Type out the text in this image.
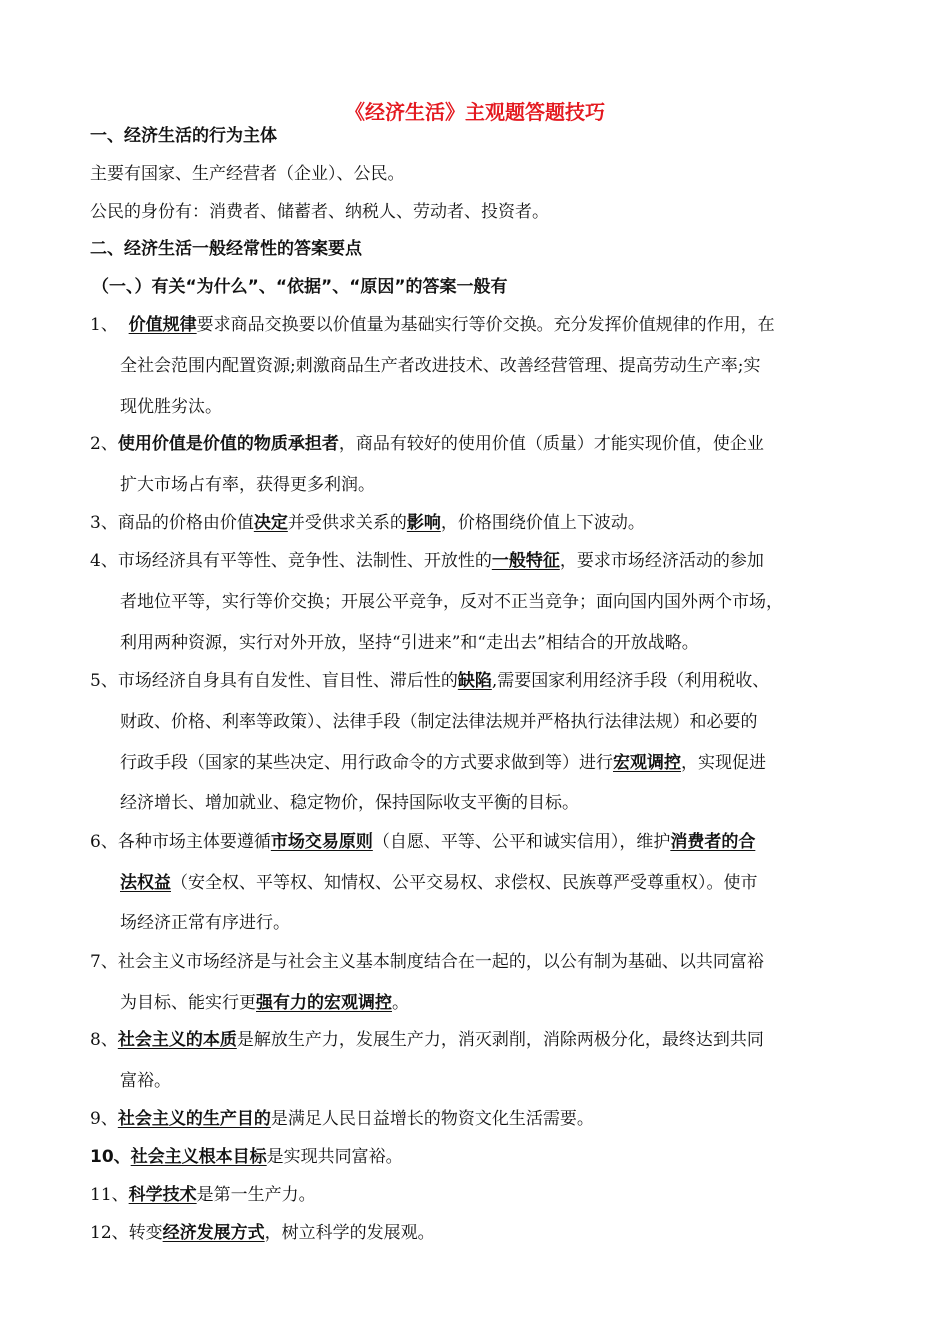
《经济生活》主观题答题技巧
一、经济生活的行为主体
主要有国家、生产经营者（企业）、公民。
公民的身份有：消费者、储蓄者、纳税人、劳动者、投资者。
二、经济生活一般经常性的答案要点
（一、）有关“为什么”、“依据”、“原因”的答案一般有
1、 价值规律要求商品交换要以价值量为基础实行等价交换。充分发挥价值规律的作用，在
全社会范围内配置资源;刺激商品生产者改进技术、改善经营管理、提高劳动生产率;实
现优胜劣汰。
2、使用价值是价值的物质承担者，商品有较好的使用价值（质量）才能实现价值，使企业
扩大市场占有率，获得更多利润。
3、商品的价格由价值决定并受供求关系的影响，价格围绕价值上下波动。
4、市场经济具有平等性、竞争性、法制性、开放性的一般特征，要求市场经济活动的参加
者地位平等，实行等价交换；开展公平竞争，反对不正当竞争；面向国内国外两个市场，
利用两种资源，实行对外开放，坚持“引进来”和“走出去”相结合的开放战略。
5、市场经济自身具有自发性、盲目性、滞后性的缺陷,需要国家利用经济手段（利用税收、
财政、价格、利率等政策）、法律手段（制定法律法规并严格执行法律法规）和必要的
行政手段（国家的某些决定、用行政命令的方式要求做到等）进行宏观调控，实现促进
经济增长、增加就业、稳定物价，保持国际收支平衡的目标。
6、各种市场主体要遵循市场交易原则（自愿、平等、公平和诚实信用），维护消费者的合
法权益（安全权、平等权、知情权、公平交易权、求偿权、民族尊严受尊重权）。使市
场经济正常有序进行。
7、社会主义市场经济是与社会主义基本制度结合在一起的，以公有制为基础、以共同富裕
为目标、能实行更强有力的宏观调控。
8、社会主义的本质是解放生产力，发展生产力，消灭剥削，消除两极分化，最终达到共同
富裕。
9、社会主义的生产目的是满足人民日益增长的物资文化生活需要。
10、社会主义根本目标是实现共同富裕。
11、科学技术是第一生产力。
12、转变经济发展方式，树立科学的发展观。
